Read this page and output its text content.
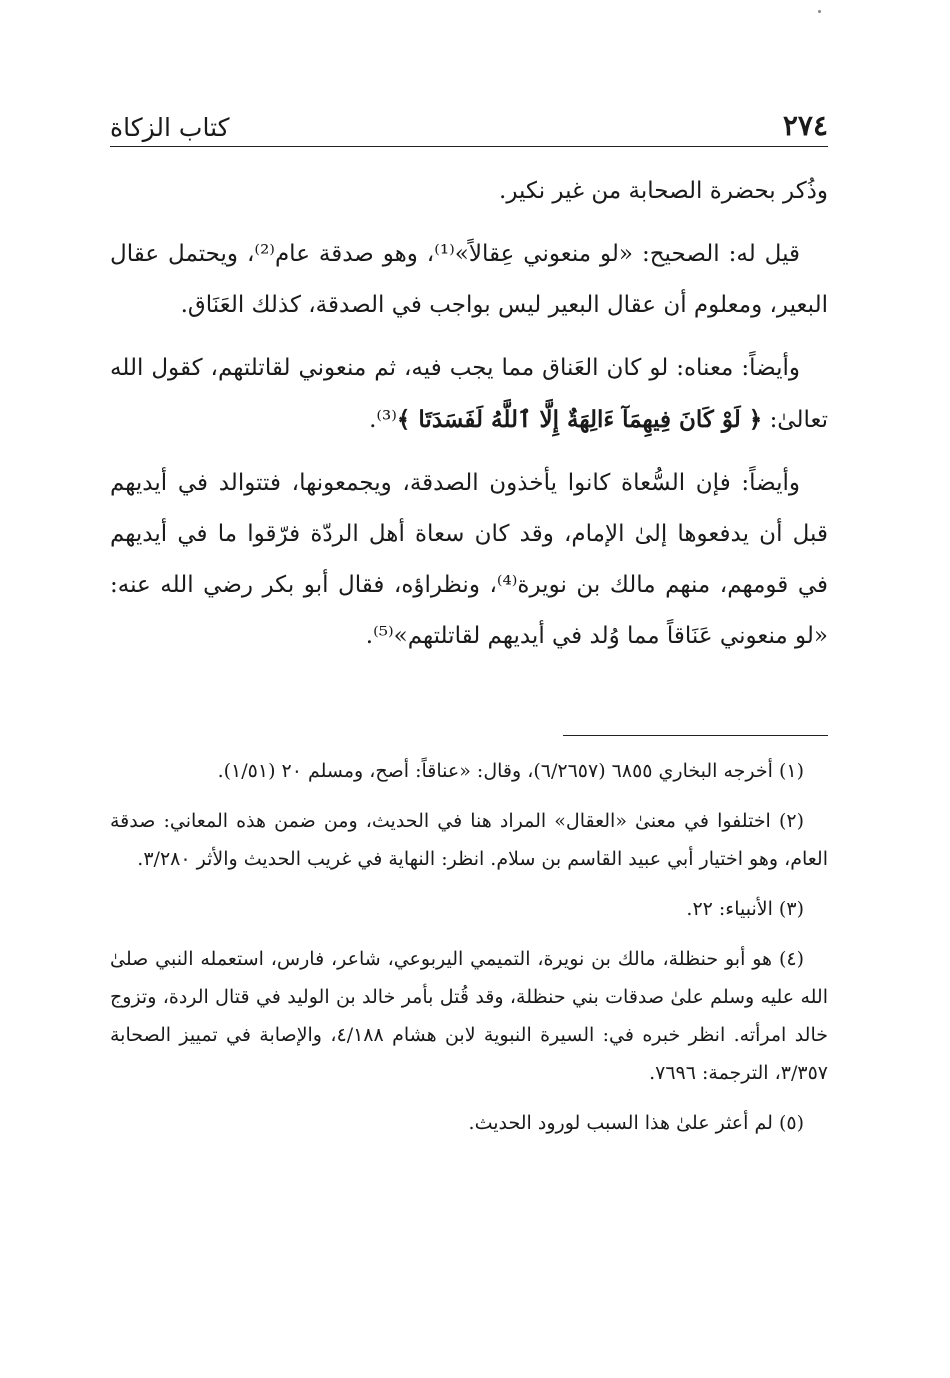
٢٧٤
كتاب الزكاة

وذُكر بحضرة الصحابة من غير نكير.

قيل له: الصحيح: «لو منعوني عِقالاً»⁽¹⁾، وهو صدقة عام⁽²⁾، ويحتمل عقال البعير، ومعلوم أن عقال البعير ليس بواجب في الصدقة، كذلك العَنَاق.

وأيضاً: معناه: لو كان العَناق مما يجب فيه، ثم منعوني لقاتلتهم، كقول الله تعالىٰ: ﴿ لَوْ كَانَ فِيهِمَآ ءَالِهَةٌ إِلَّا ٱللَّهُ لَفَسَدَتَا ﴾⁽³⁾.

وأيضاً: فإن السُّعاة كانوا يأخذون الصدقة، ويجمعونها، فتتوالد في أيديهم قبل أن يدفعوها إلىٰ الإمام، وقد كان سعاة أهل الردّة فرّقوا ما في أيديهم في قومهم، منهم مالك بن نويرة⁽⁴⁾، ونظراؤه، فقال أبو بكر رضي الله عنه: «لو منعوني عَنَاقاً مما وُلد في أيديهم لقاتلتهم»⁽⁵⁾.

(١) أخرجه البخاري ٦٨٥٥ (٦/٢٦٥٧)، وقال: «عناقاً: أصح، ومسلم ٢٠ (١/٥١).

(٢) اختلفوا في معنىٰ «العقال» المراد هنا في الحديث، ومن ضمن هذه المعاني: صدقة العام، وهو اختيار أبي عبيد القاسم بن سلام. انظر: النهاية في غريب الحديث والأثر ٣/٢٨٠.

(٣) الأنبياء: ٢٢.

(٤) هو أبو حنظلة، مالك بن نويرة، التميمي اليربوعي، شاعر، فارس، استعمله النبي صلىٰ الله عليه وسلم علىٰ صدقات بني حنظلة، وقد قُتل بأمر خالد بن الوليد في قتال الردة، وتزوج خالد امرأته. انظر خبره في: السيرة النبوية لابن هشام ٤/١٨٨، والإصابة في تمييز الصحابة ٣/٣٥٧، الترجمة: ٧٦٩٦.

(٥) لم أعثر علىٰ هذا السبب لورود الحديث.
